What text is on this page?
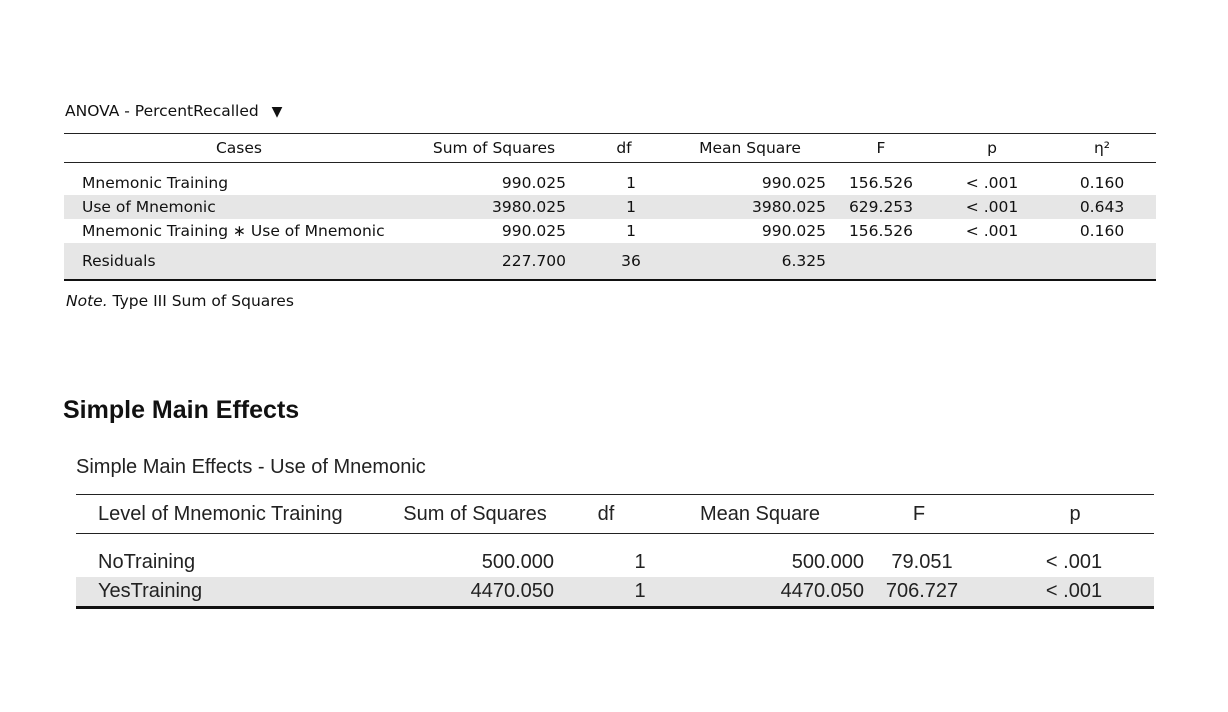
ANOVA - PercentRecalled ▼
Cases	Sum of Squares	df	Mean Square	F	p	η²
Mnemonic Training	990.025	1	990.025	156.526	< .001	0.160
Use of Mnemonic	3980.025	1	3980.025	629.253	< .001	0.643
Mnemonic Training ∗ Use of Mnemonic	990.025	1	990.025	156.526	< .001	0.160
Residuals	227.700	36	6.325			
Note. Type III Sum of Squares
Simple Main Effects
Simple Main Effects - Use of Mnemonic
Level of Mnemonic Training	Sum of Squares	df	Mean Square	F	p
NoTraining	500.000	1	500.000	79.051	< .001
YesTraining	4470.050	1	4470.050	706.727	< .001
